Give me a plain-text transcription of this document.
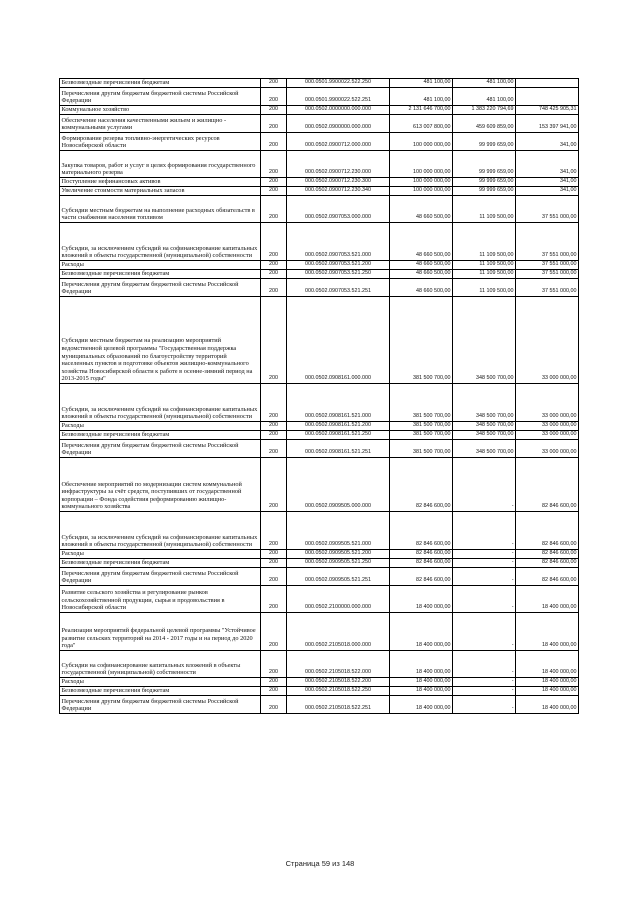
Безвозмездные перечисления бюджетам	200	000.0501.9900022.522.250	481 100,00	481 100,00	
Перечисления другим бюджетам бюджетной системы Российской Федерации	200	000.0501.9900022.522.251	481 100,00	481 100,00	
Коммунальное хозяйство	200	000.0502.0000000.000.000	2 131 646 700,00	1 383 220 794,69	748 425 905,31
Обеспечение населения качественными жильем и жилищно - коммунальными услугами	200	000.0502.0900000.000.000	613 007 800,00	459 609 859,00	153 397 941,00
Формирование резерва топливно-энергетических ресурсов Новосибирской области	200	000.0502.0900712.000.000	100 000 000,00	99 999 659,00	341,00
Закупка товаров, работ и услуг в целях формирования государственного материального резерва	200	000.0502.0900712.230.000	100 000 000,00	99 999 659,00	341,00
Поступление нефинансовых активов	200	000.0502.0900712.230.300	100 000 000,00	99 999 659,00	341,00
Увеличение стоимости материальных запасов	200	000.0502.0900712.230.340	100 000 000,00	99 999 659,00	341,00
Субсидии местным бюджетам на выполнение расходных обязательств в части снабжения населения топливом	200	000.0502.0907053.000.000	48 660 500,00	11 109 500,00	37 551 000,00
Субсидии, за исключением субсидий на софинансирование капитальных вложений в объекты государственной (муниципальной) собственности	200	000.0502.0907053.521.000	48 660 500,00	11 109 500,00	37 551 000,00
Расходы	200	000.0502.0907053.521.200	48 660 500,00	11 109 500,00	37 551 000,00
Безвозмездные перечисления бюджетам	200	000.0502.0907053.521.250	48 660 500,00	11 109 500,00	37 551 000,00
Перечисления другим бюджетам бюджетной системы Российской Федерации	200	000.0502.0907053.521.251	48 660 500,00	11 109 500,00	37 551 000,00
Субсидии местным бюджетам на реализацию мероприятий ведомственной целевой программы "Государственная поддержка муниципальных образований по благоустройству территорий населенных пунктов и подготовке объектов жилищно-коммунального хозяйства Новосибирской области к работе в осенне-зимний период на 2013-2015 годы"	200	000.0502.0908161.000.000	381 500 700,00	348 500 700,00	33 000 000,00
Субсидии, за исключением субсидий на софинансирование капитальных вложений в объекты государственной (муниципальной) собственности	200	000.0502.0908161.521.000	381 500 700,00	348 500 700,00	33 000 000,00
Расходы	200	000.0502.0908161.521.200	381 500 700,00	348 500 700,00	33 000 000,00
Безвозмездные перечисления бюджетам	200	000.0502.0908161.521.250	381 500 700,00	348 500 700,00	33 000 000,00
Перечисления другим бюджетам бюджетной системы Российской Федерации	200	000.0502.0908161.521.251	381 500 700,00	348 500 700,00	33 000 000,00
Обеспечение мероприятий по модернизации систем коммунальной инфраструктуры за счёт средств, поступивших от государственной корпорации – Фонда содействия реформированию жилищно-коммунального хозяйства	200	000.0502.0909505.000.000	82 846 600,00	-	82 846 600,00
Субсидии, за исключением субсидий на софинансирование капитальных вложений в объекты государственной (муниципальной) собственности	200	000.0502.0909505.521.000	82 846 600,00	-	82 846 600,00
Расходы	200	000.0502.0909505.521.200	82 846 600,00	-	82 846 600,00
Безвозмездные перечисления бюджетам	200	000.0502.0909505.521.250	82 846 600,00	-	82 846 600,00
Перечисления другим бюджетам бюджетной системы Российской Федерации	200	000.0502.0909505.521.251	82 846 600,00	-	82 846 600,00
Развитие сельского хозяйства и регулирование рынков сельскохозяйственной продукции, сырья и продовольствия в Новосибирской области	200	000.0502.2100000.000.000	18 400 000,00	-	18 400 000,00
Реализация мероприятий федеральной целевой программы "Устойчивое развитие сельских территорий на 2014 - 2017 годы и на период до 2020 года"	200	000.0502.2105018.000.000	18 400 000,00	-	18 400 000,00
Субсидии на софинансирование капитальных вложений в объекты государственной (муниципальной) собственности	200	000.0502.2105018.522.000	18 400 000,00	-	18 400 000,00
Расходы	200	000.0502.2105018.522.200	18 400 000,00	-	18 400 000,00
Безвозмездные перечисления бюджетам	200	000.0502.2105018.522.250	18 400 000,00	-	18 400 000,00
Перечисления другим бюджетам бюджетной системы Российской Федерации	200	000.0502.2105018.522.251	18 400 000,00	-	18 400 000,00
Страница 59 из 148
